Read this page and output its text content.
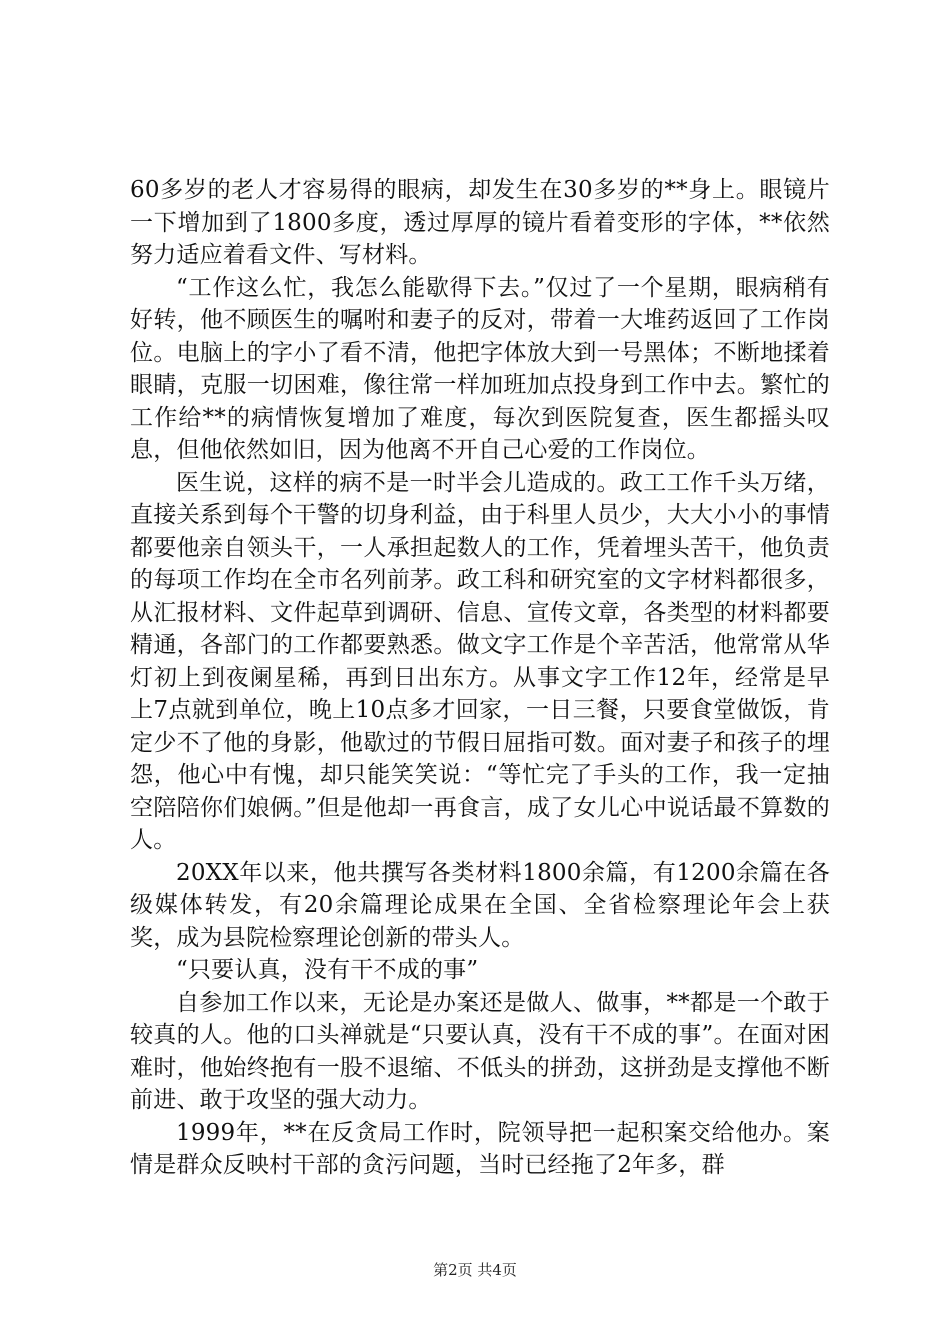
60多岁的老人才容易得的眼病，却发生在30多岁的**身上。眼镜片一下增加到了1800多度，透过厚厚的镜片看着变形的字体，**依然努力适应着看文件、写材料。

“工作这么忙，我怎么能歇得下去。”仅过了一个星期，眼病稍有好转，他不顾医生的嘱咐和妻子的反对，带着一大堆药返回了工作岗位。电脑上的字小了看不清，他把字体放大到一号黑体；不断地揉着眼睛，克服一切困难，像往常一样加班加点投身到工作中去。繁忙的工作给**的病情恢复增加了难度，每次到医院复查，医生都摇头叹息，但他依然如旧，因为他离不开自己心爱的工作岗位。

医生说，这样的病不是一时半会儿造成的。政工工作千头万绪，直接关系到每个干警的切身利益，由于科里人员少，大大小小的事情都要他亲自领头干，一人承担起数人的工作，凭着埋头苦干，他负责的每项工作均在全市名列前茅。政工科和研究室的文字材料都很多，从汇报材料、文件起草到调研、信息、宣传文章，各类型的材料都要精通，各部门的工作都要熟悉。做文字工作是个辛苦活，他常常从华灯初上到夜阑星稀，再到日出东方。从事文字工作12年，经常是早上7点就到单位，晚上10点多才回家，一日三餐，只要食堂做饭，肯定少不了他的身影，他歇过的节假日屈指可数。面对妻子和孩子的埋怨，他心中有愧，却只能笑笑说：“等忙完了手头的工作，我一定抽空陪陪你们娘俩。”但是他却一再食言，成了女儿心中说话最不算数的人。

20XX年以来，他共撰写各类材料1800余篇，有1200余篇在各级媒体转发，有20余篇理论成果在全国、全省检察理论年会上获奖，成为县院检察理论创新的带头人。

“只要认真，没有干不成的事”

自参加工作以来，无论是办案还是做人、做事，**都是一个敢于较真的人。他的口头禅就是“只要认真，没有干不成的事”。在面对困难时，他始终抱有一股不退缩、不低头的拼劲，这拼劲是支撑他不断前进、敢于攻坚的强大动力。

1999年，**在反贪局工作时，院领导把一起积案交给他办。案情是群众反映村干部的贪污问题，当时已经拖了2年多，群

第2页 共4页
